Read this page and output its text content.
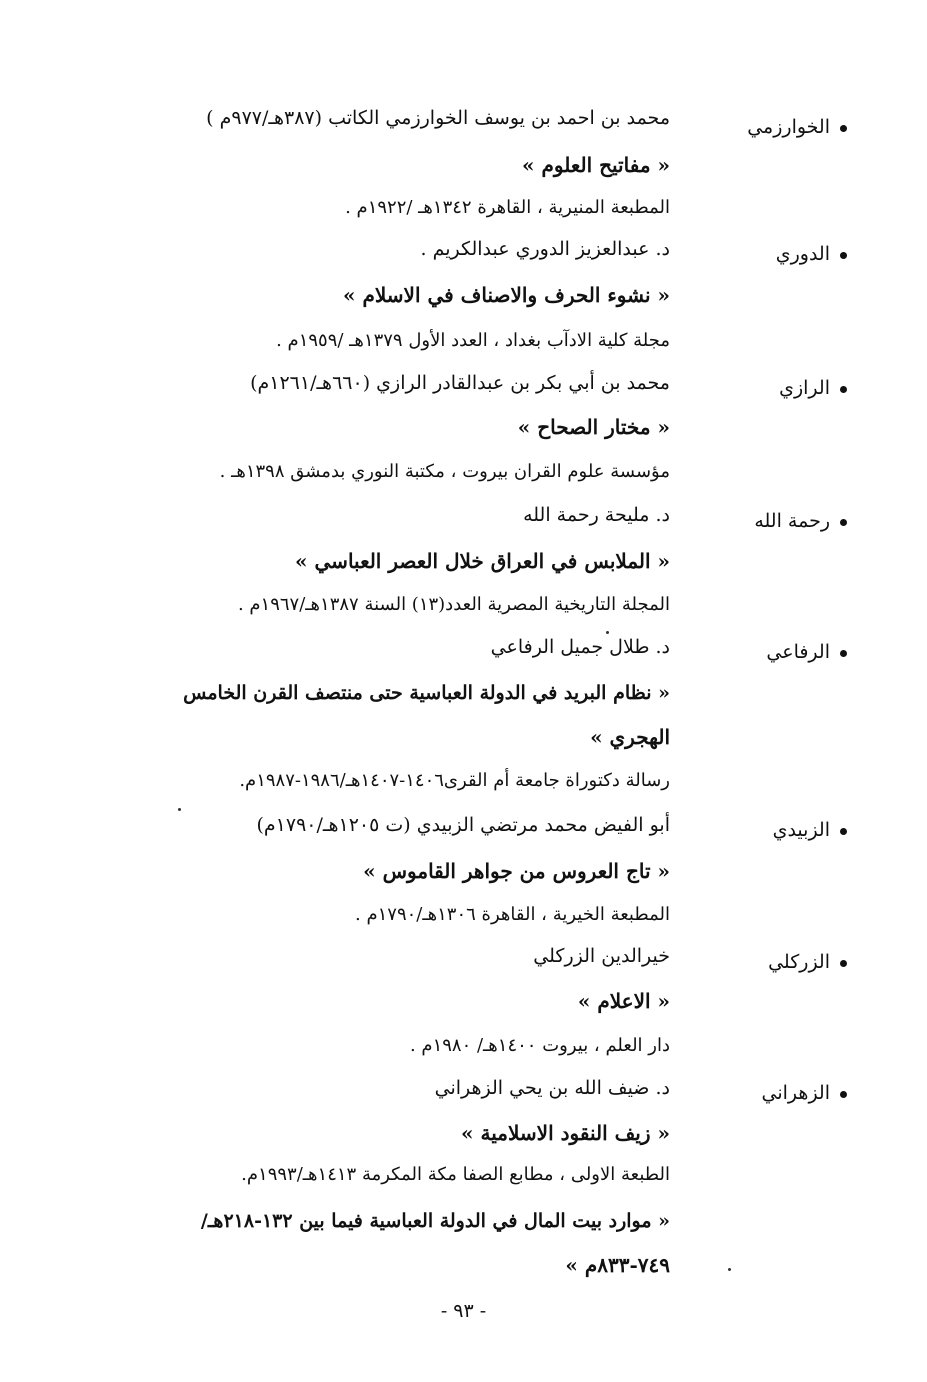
الخوارزمي
محمد بن احمد بن يوسف الخوارزمي الكاتب (٣٨٧هـ/٩٧٧م )
« مفاتيح العلوم »
المطبعة المنيرية ، القاهرة ١٣٤٢هـ /١٩٢٢م .
الدوري
د. عبدالعزيز الدوري عبدالكريم .
« نشوء الحرف والاصناف في الاسلام »
مجلة كلية الادآب بغداد ، العدد الأول ١٣٧٩هـ /١٩٥٩م .
الرازي
محمد بن أبي بكر بن عبدالقادر الرازي (٦٦٠هـ/١٢٦١م)
« مختار الصحاح »
مؤسسة علوم القران بيروت ، مكتبة النوري بدمشق ١٣٩٨هـ .
رحمة الله
د. مليحة رحمة الله
« الملابس في العراق خلال العصر العباسي »
المجلة التاريخية المصرية العدد(١٣) السنة ١٣٨٧هـ/١٩٦٧م .
الرفاعي
د. طلال جميل الرفاعي
« نظام البريد في الدولة العباسية حتى منتصف القرن الخامس
الهجري »
رسالة دكتوراة جامعة أم القرى١٤٠٦-١٤٠٧هـ/١٩٨٦-١٩٨٧م.
الزبيدي
أبو الفيض محمد مرتضي الزبيدي (ت ١٢٠٥هـ/١٧٩٠م)
« تاج العروس من جواهر القاموس »
المطبعة الخيرية ، القاهرة ١٣٠٦هـ/١٧٩٠م .
الزركلي
خيرالدين الزركلي
« الاعلام »
دار العلم ، بيروت ١٤٠٠هـ/ ١٩٨٠م .
الزهراني
د. ضيف الله بن يحي الزهراني
« زيف النقود الاسلامية »
الطبعة الاولى ، مطابع الصفا مكة المكرمة ١٤١٣هـ/١٩٩٣م.
« موارد بيت المال في الدولة العباسية فيما بين ١٣٢-٢١٨هـ/
٧٤٩-٨٣٣م »
- ٩٣ -
